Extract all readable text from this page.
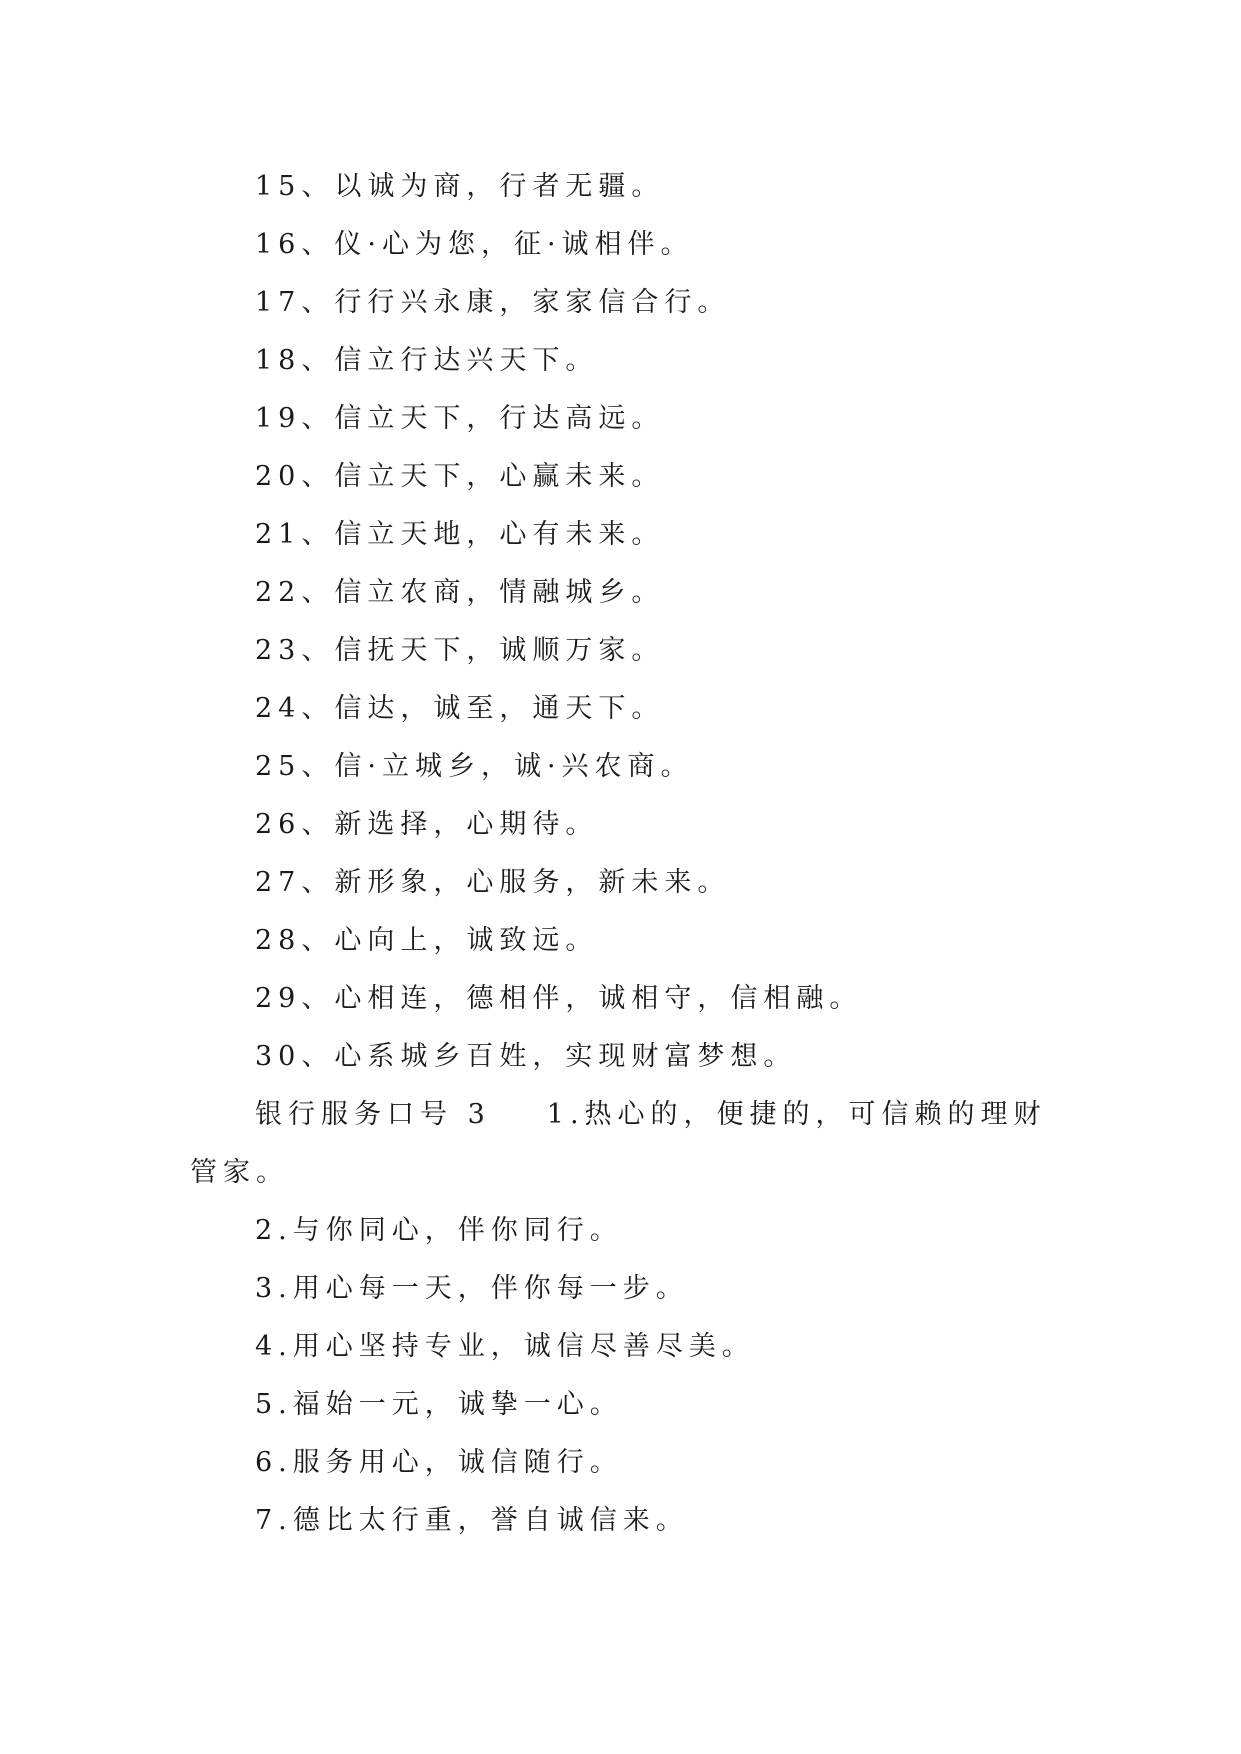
15、以诚为商，行者无疆。
16、仪·心为您，征·诚相伴。
17、行行兴永康，家家信合行。
18、信立行达兴天下。
19、信立天下，行达高远。
20、信立天下，心赢未来。
21、信立天地，心有未来。
22、信立农商，情融城乡。
23、信抚天下，诚顺万家。
24、信达，诚至，通天下。
25、信·立城乡，诚·兴农商。
26、新选择，心期待。
27、新形象，心服务，新未来。
28、心向上，诚致远。
29、心相连，德相伴，诚相守，信相融。
30、心系城乡百姓，实现财富梦想。
银行服务口号 3 1.热心的，便捷的，可信赖的理财
管家。
2.与你同心，伴你同行。
3.用心每一天，伴你每一步。
4.用心坚持专业，诚信尽善尽美。
5.福始一元，诚挚一心。
6.服务用心，诚信随行。
7.德比太行重，誉自诚信来。
